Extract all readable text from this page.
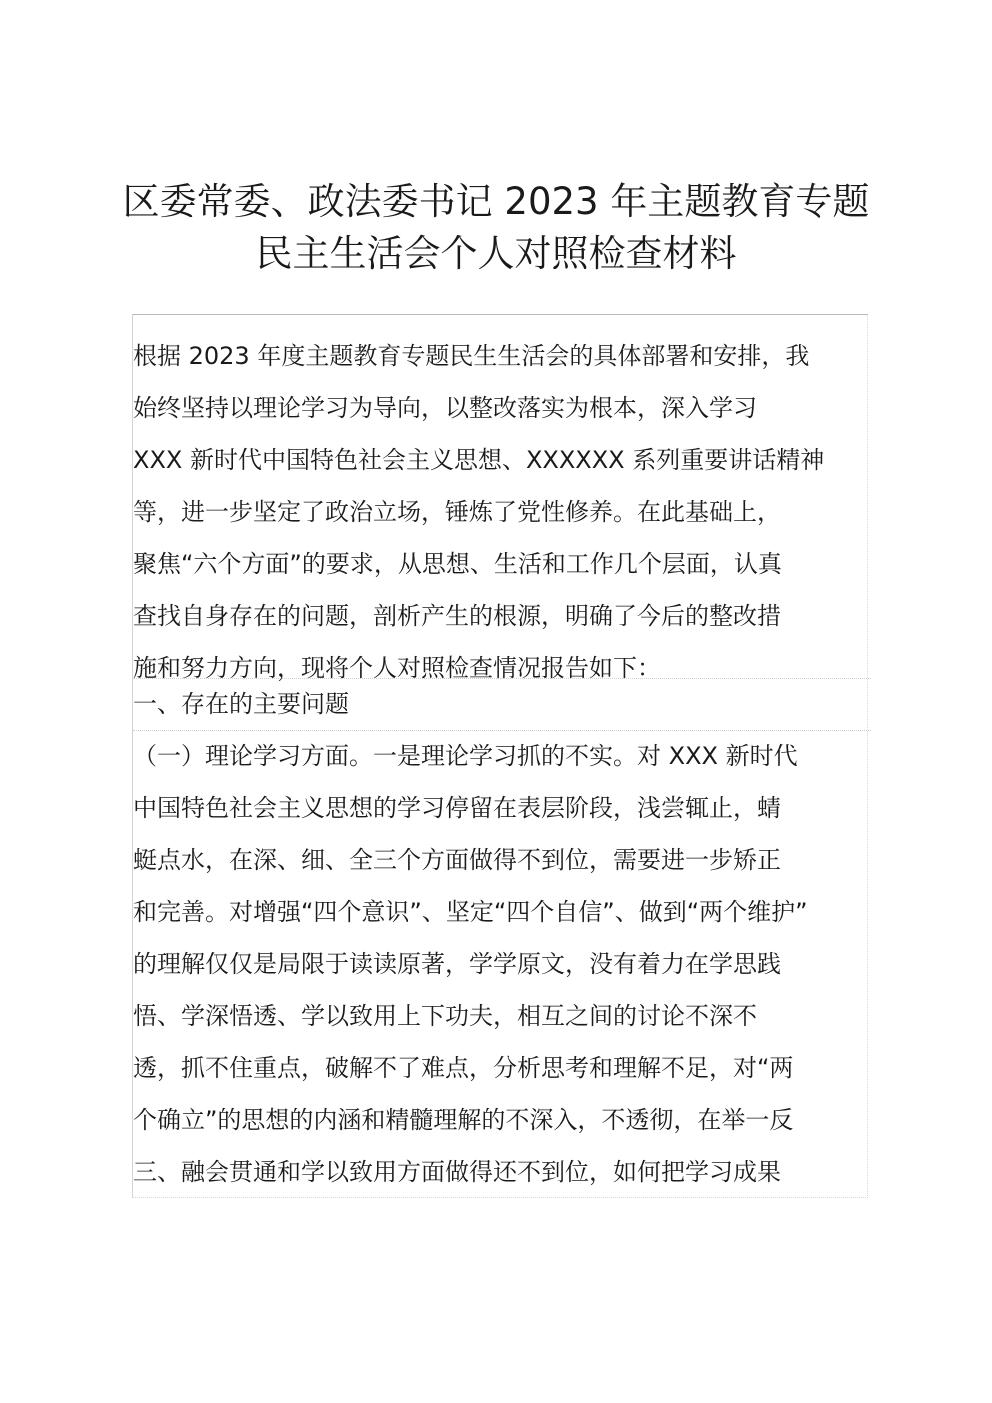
区委常委、政法委书记 2023 年主题教育专题
民主生活会个人对照检查材料
根据 2023 年度主题教育专题民生生活会的具体部署和安排，我
始终坚持以理论学习为导向，以整改落实为根本，深入学习
XXX 新时代中国特色社会主义思想、XXXXXX 系列重要讲话精神
等，进一步坚定了政治立场，锤炼了党性修养。在此基础上，
聚焦“六个方面”的要求，从思想、生活和工作几个层面，认真
查找自身存在的问题，剖析产生的根源，明确了今后的整改措
施和努力方向，现将个人对照检查情况报告如下：
一、存在的主要问题
（一）理论学习方面。一是理论学习抓的不实。对 XXX 新时代
中国特色社会主义思想的学习停留在表层阶段，浅尝辄止，蜻
蜓点水，在深、细、全三个方面做得不到位，需要进一步矫正
和完善。对增强“四个意识”、坚定“四个自信”、做到“两个维护”
的理解仅仅是局限于读读原著，学学原文，没有着力在学思践
悟、学深悟透、学以致用上下功夫，相互之间的讨论不深不
透，抓不住重点，破解不了难点，分析思考和理解不足，对“两
个确立”的思想的内涵和精髓理解的不深入，不透彻，在举一反
三、融会贯通和学以致用方面做得还不到位，如何把学习成果
